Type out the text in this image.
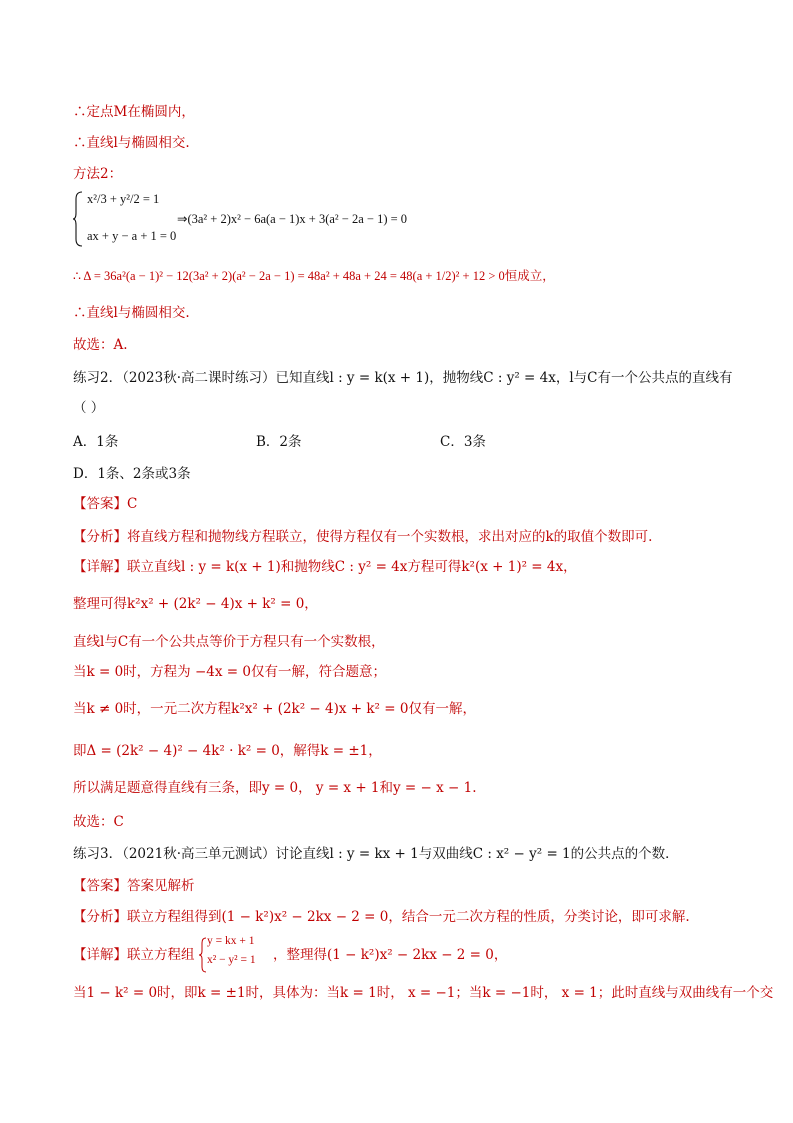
∴定点M在椭圆内，
∴直线l与椭圆相交.
方法2：
x²/3 + y²/2 = 1
ax + y − a + 1 = 0
⇒(3a² + 2)x² − 6a(a − 1)x + 3(a² − 2a − 1) = 0
∴ Δ = 36a²(a − 1)² − 12(3a² + 2)(a² − 2a − 1) = 48a² + 48a + 24 = 48(a + 1/2)² + 12 > 0恒成立，
∴直线l与椭圆相交.
故选：A.
练习2．（2023秋·高二课时练习）已知直线l : y = k(x + 1)，抛物线C : y² = 4x，l与C有一个公共点的直线有
（ ）
A．1条	B．2条	C．3条
D．1条、2条或3条
【答案】C
【分析】将直线方程和抛物线方程联立，使得方程仅有一个实数根，求出对应的k的取值个数即可.
【详解】联立直线l : y = k(x + 1)和抛物线C : y² = 4x方程可得k²(x + 1)² = 4x，
整理可得k²x² + (2k² − 4)x + k² = 0，
直线l与C有一个公共点等价于方程只有一个实数根，
当k = 0时，方程为 −4x = 0仅有一解，符合题意；
当k ≠ 0时，一元二次方程k²x² + (2k² − 4)x + k² = 0仅有一解，
即Δ = (2k² − 4)² − 4k² · k² = 0，解得k = ±1，
所以满足题意得直线有三条，即y = 0， y = x + 1和y = − x − 1.
故选：C
练习3．（2021秋·高三单元测试）讨论直线l : y = kx + 1与双曲线C : x² − y² = 1的公共点的个数．
【答案】答案见解析
【分析】联立方程组得到(1 − k²)x² − 2kx − 2 = 0，结合一元二次方程的性质，分类讨论，即可求解.
【详解】联立方程组
y = kx + 1
x² − y² = 1 ，整理得(1 − k²)x² − 2kx − 2 = 0，
当1 − k² = 0时，即k = ±1时，具体为：当k = 1时， x = −1；当k = −1时， x = 1；此时直线与双曲线有一个交
